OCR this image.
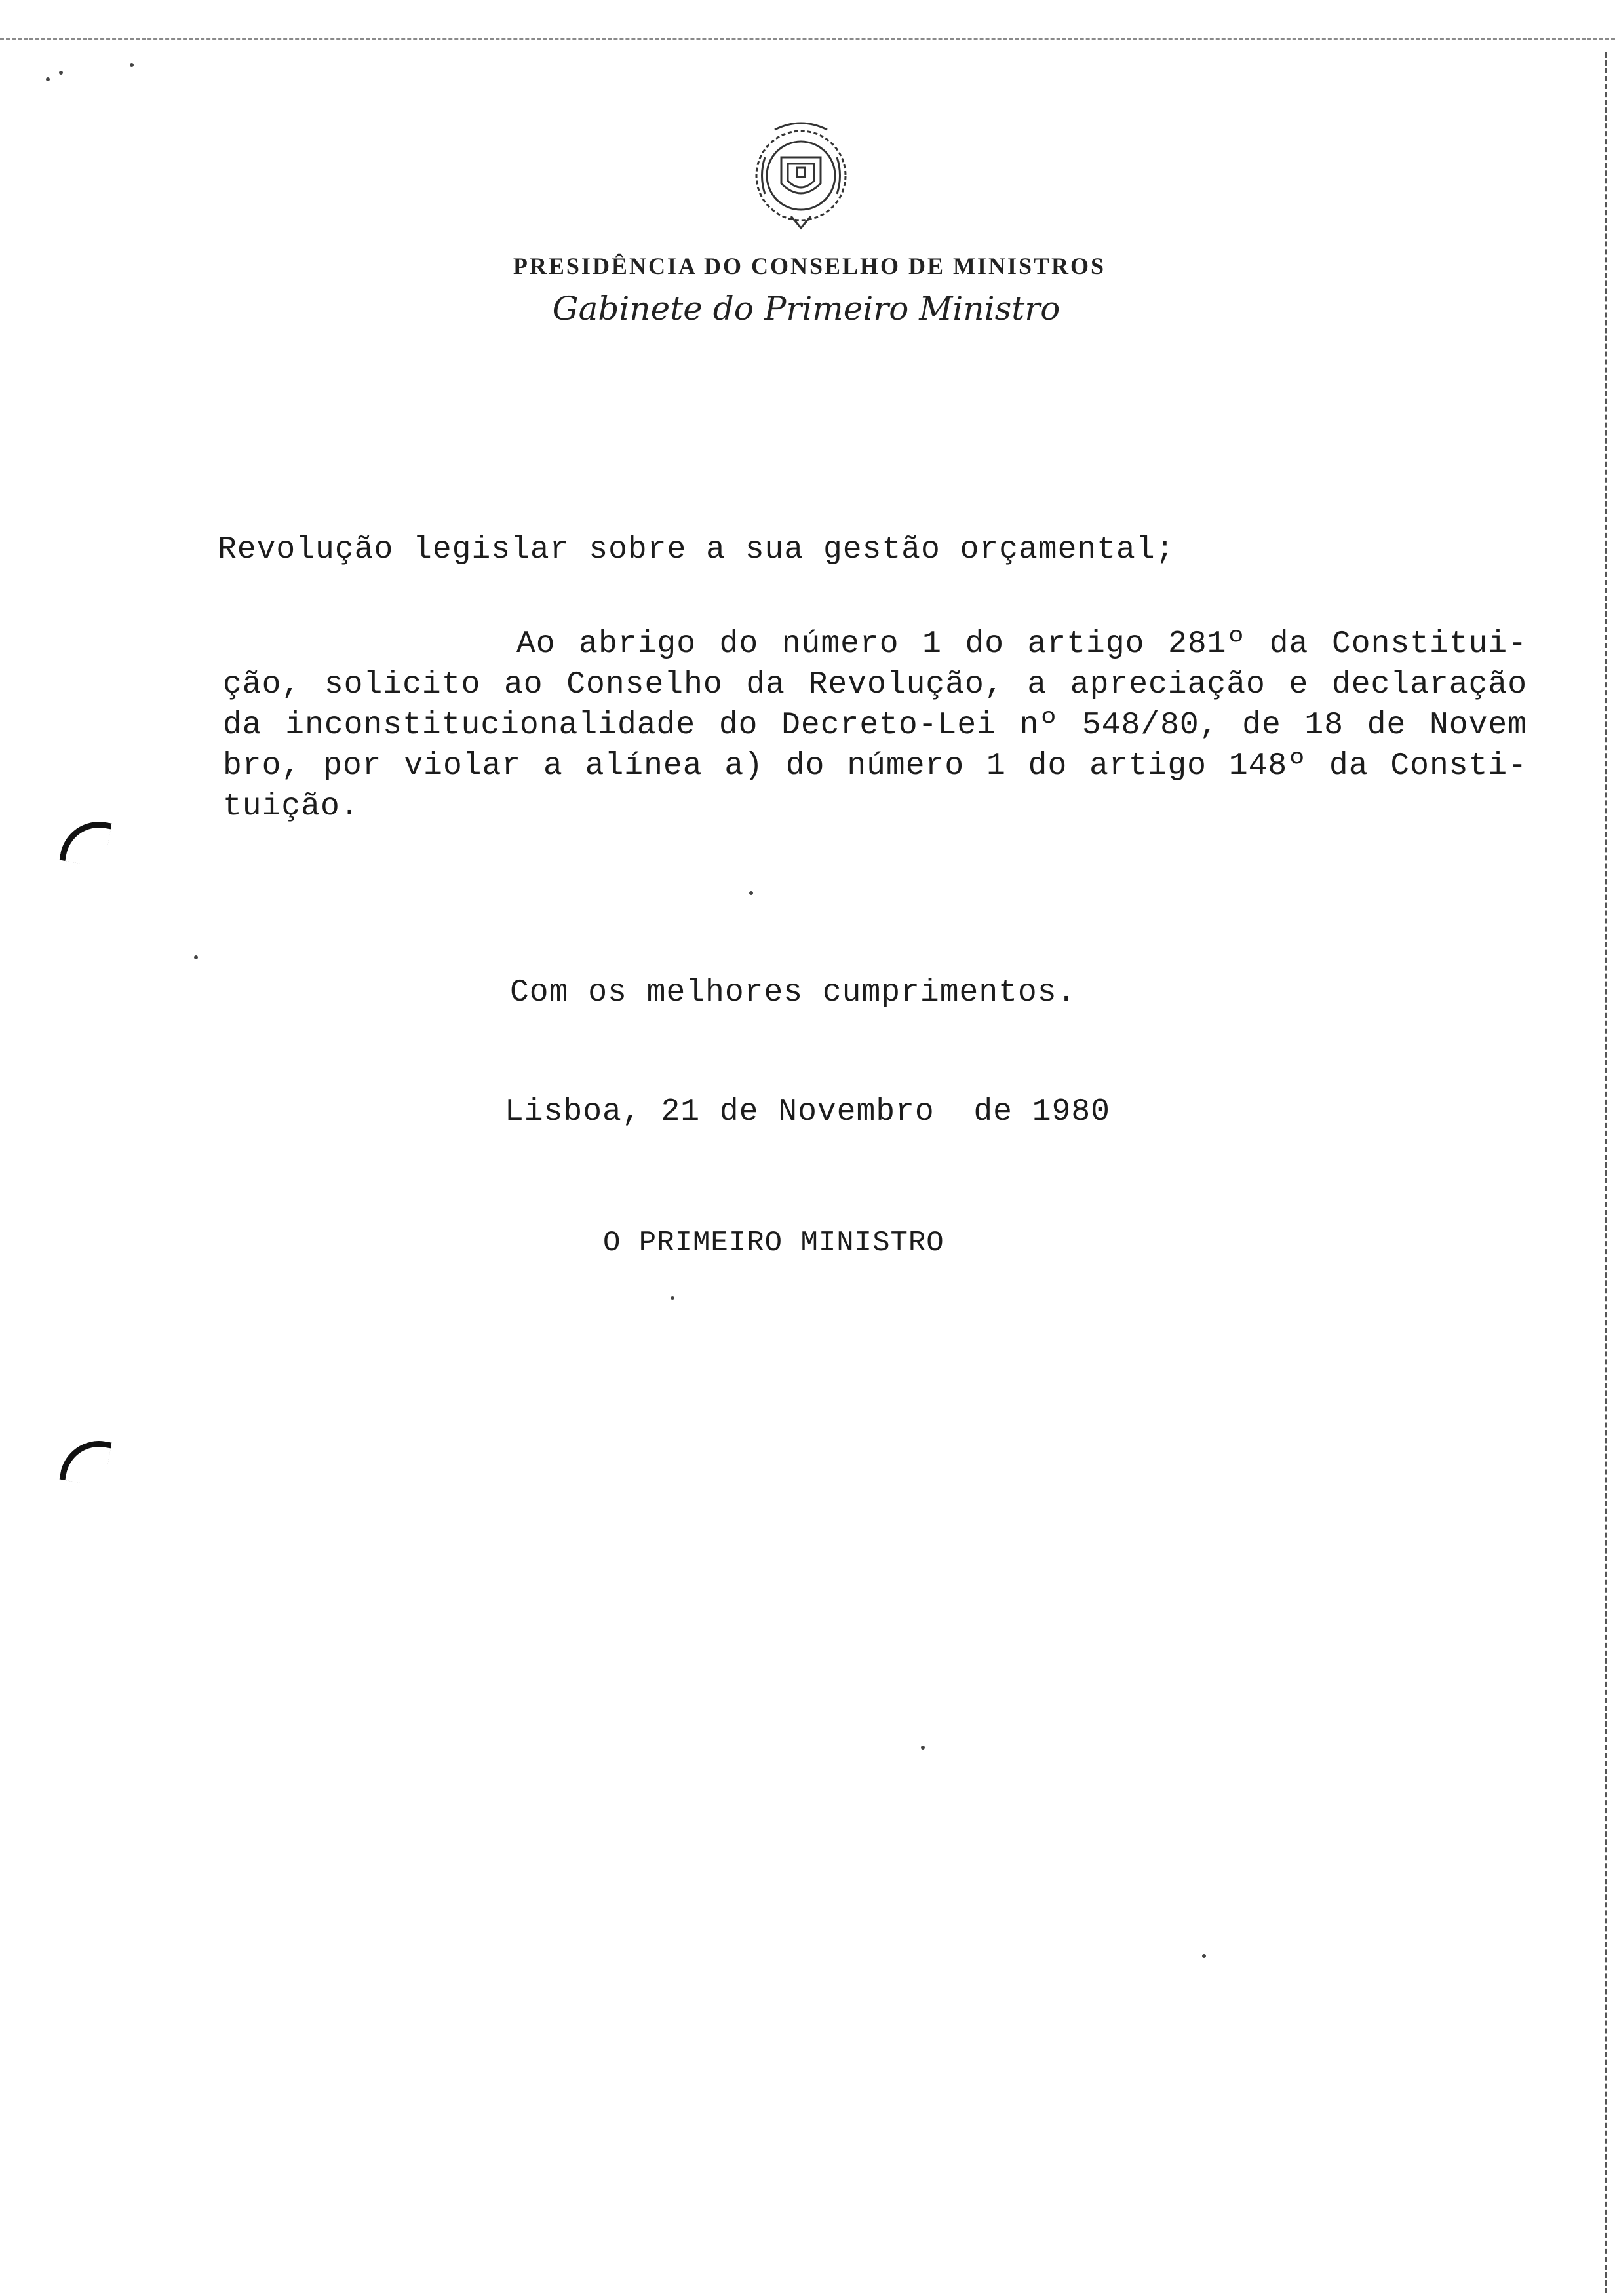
PRESIDÊNCIA DO CONSELHO DE MINISTROS
Gabinete do Primeiro Ministro
Revolução legislar sobre a sua gestão orçamental;
Ao abrigo do número 1 do artigo 281º da Constitui-
ção, solicito ao Conselho da Revolução, a apreciação e declaração
da inconstitucionalidade do Decreto-Lei nº 548/80, de 18 de Novem
bro, por violar a alínea a) do número 1 do artigo 148º da Consti-
tuição.
Com os melhores cumprimentos.
Lisboa, 21 de Novembro  de 1980
O PRIMEIRO MINISTRO
